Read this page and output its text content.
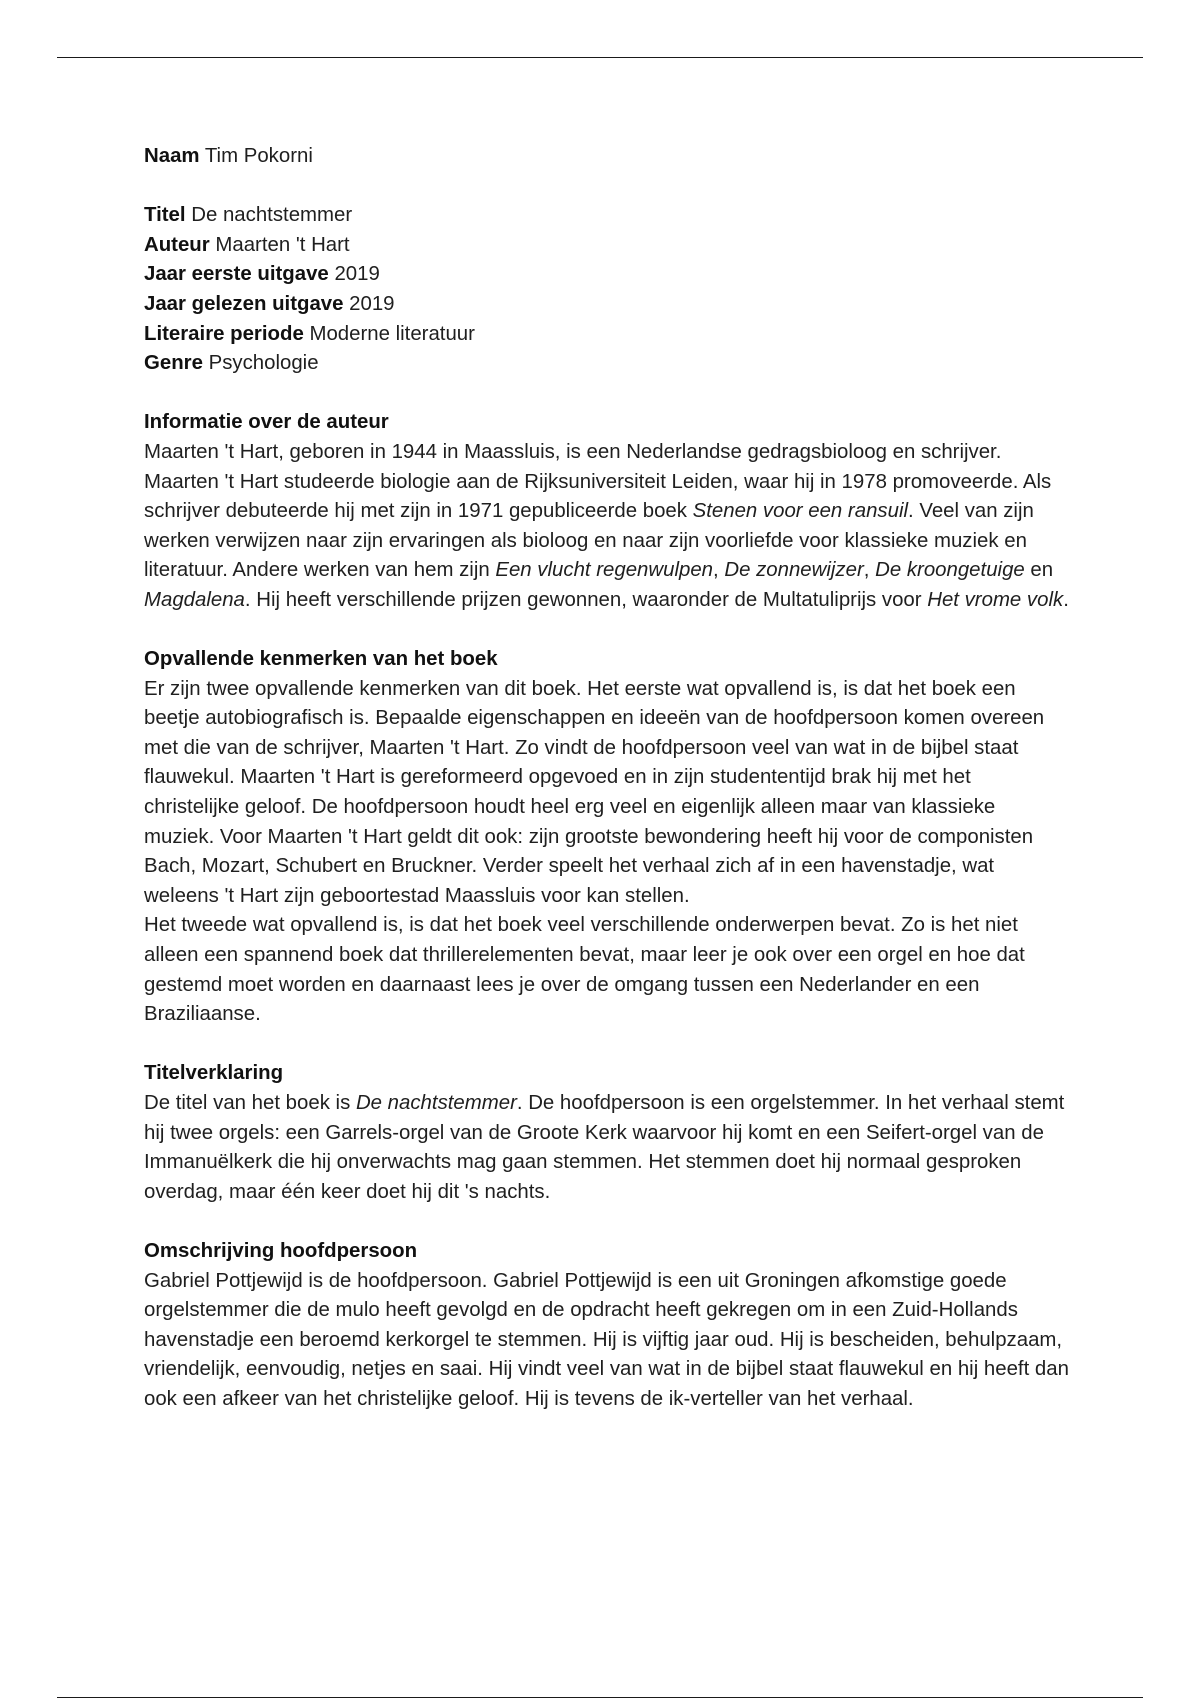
Naam Tim Pokorni

Titel De nachtstemmer

Auteur Maarten 't Hart

Jaar eerste uitgave 2019

Jaar gelezen uitgave 2019

Literaire periode Moderne literatuur

Genre Psychologie

Informatie over de auteur

Maarten 't Hart, geboren in 1944 in Maassluis, is een Nederlandse gedragsbioloog en schrijver. Maarten 't Hart studeerde biologie aan de Rijksuniversiteit Leiden, waar hij in 1978 promoveerde. Als schrijver debuteerde hij met zijn in 1971 gepubliceerde boek Stenen voor een ransuil. Veel van zijn werken verwijzen naar zijn ervaringen als bioloog en naar zijn voorliefde voor klassieke muziek en literatuur. Andere werken van hem zijn Een vlucht regenwulpen, De zonnewijzer, De kroongetuige en Magdalena. Hij heeft verschillende prijzen gewonnen, waaronder de Multatuliprijs voor Het vrome volk.

Opvallende kenmerken van het boek

Er zijn twee opvallende kenmerken van dit boek. Het eerste wat opvallend is, is dat het boek een beetje autobiografisch is. Bepaalde eigenschappen en ideeën van de hoofdpersoon komen overeen met die van de schrijver, Maarten 't Hart. Zo vindt de hoofdpersoon veel van wat in de bijbel staat flauwekul. Maarten 't Hart is gereformeerd opgevoed en in zijn studententijd brak hij met het christelijke geloof. De hoofdpersoon houdt heel erg veel en eigenlijk alleen maar van klassieke muziek. Voor Maarten 't Hart geldt dit ook: zijn grootste bewondering heeft hij voor de componisten Bach, Mozart, Schubert en Bruckner. Verder speelt het verhaal zich af in een havenstadje, wat weleens 't Hart zijn geboortestad Maassluis voor kan stellen.

Het tweede wat opvallend is, is dat het boek veel verschillende onderwerpen bevat. Zo is het niet alleen een spannend boek dat thrillerelementen bevat, maar leer je ook over een orgel en hoe dat gestemd moet worden en daarnaast lees je over de omgang tussen een Nederlander en een Braziliaanse.

Titelverklaring

De titel van het boek is De nachtstemmer. De hoofdpersoon is een orgelstemmer. In het verhaal stemt hij twee orgels: een Garrels-orgel van de Groote Kerk waarvoor hij komt en een Seifert-orgel van de Immanuëlkerk die hij onverwachts mag gaan stemmen. Het stemmen doet hij normaal gesproken overdag, maar één keer doet hij dit 's nachts.

Omschrijving hoofdpersoon

Gabriel Pottjewijd is de hoofdpersoon. Gabriel Pottjewijd is een uit Groningen afkomstige goede orgelstemmer die de mulo heeft gevolgd en de opdracht heeft gekregen om in een Zuid-Hollands havenstadje een beroemd kerkorgel te stemmen. Hij is vijftig jaar oud. Hij is bescheiden, behulpzaam, vriendelijk, eenvoudig, netjes en saai. Hij vindt veel van wat in de bijbel staat flauwekul en hij heeft dan ook een afkeer van het christelijke geloof. Hij is tevens de ik-verteller van het verhaal.
